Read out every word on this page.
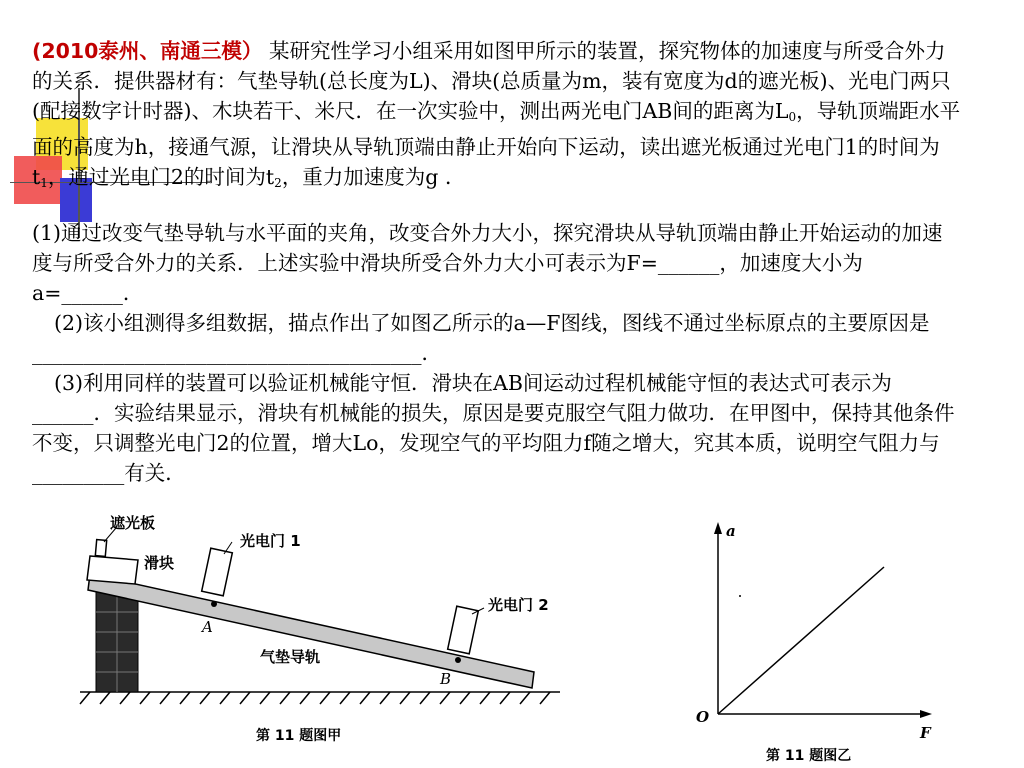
(2010泰州、南通三模） 某研究性学习小组采用如图甲所示的装置，探究物体的加速度与所受合外力的关系．提供器材有：气垫导轨(总长度为L)、滑块(总质量为m，装有宽度为d的遮光板)、光电门两只(配接数字计时器)、木块若干、米尺．在一次实验中，测出两光电门AB间的距离为$L_0$，导轨顶端距水平面的高度为h，接通气源，让滑块从导轨顶端由静止开始向下运动，读出遮光板通过光电门1的时间为$t_1$，通过光电门2的时间为$t_2$，重力加速度为g ．
(1)通过改变气垫导轨与水平面的夹角，改变合外力大小，探究滑块从导轨顶端由静止开始运动的加速度与所受合外力的关系．上述实验中滑块所受合外力大小可表示为F=______，加速度大小为a=______．
(2)该小组测得多组数据，描点作出了如图乙所示的a—F图线，图线不通过坐标原点的主要原因是______________________________________．
(3)利用同样的装置可以验证机械能守恒．滑块在AB间运动过程机械能守恒的表达式可表示为______．实验结果显示，滑块有机械能的损失，原因是要克服空气阻力做功．在甲图中，保持其他条件不变，只调整光电门2的位置，增大Lo，发现空气的平均阻力f随之增大，究其本质，说明空气阻力与_________有关．
遮光板
滑块
光电门 1
光电门 2
A
B
气垫导轨
第 11 题图甲
a
F
O
第 11 题图乙
